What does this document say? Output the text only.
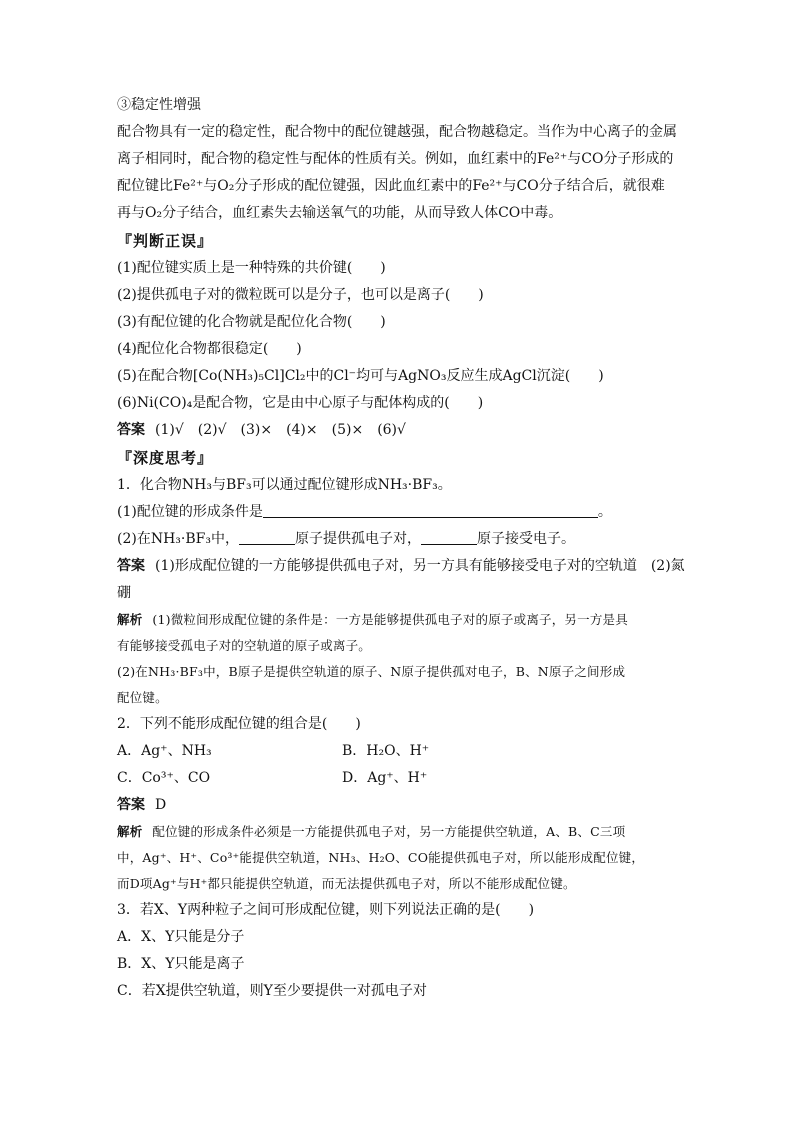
③稳定性增强
配合物具有一定的稳定性，配合物中的配位键越强，配合物越稳定。当作为中心离子的金属
离子相同时，配合物的稳定性与配体的性质有关。例如，血红素中的Fe²⁺与CO分子形成的
配位键比Fe²⁺与O₂分子形成的配位键强，因此血红素中的Fe²⁺与CO分子结合后，就很难
再与O₂分子结合，血红素失去输送氧气的功能，从而导致人体CO中毒。
『判断正误』
(1)配位键实质上是一种特殊的共价键(　　)
(2)提供孤电子对的微粒既可以是分子，也可以是离子(　　)
(3)有配位键的化合物就是配位化合物(　　)
(4)配位化合物都很稳定(　　)
(5)在配合物[Co(NH₃)₅Cl]Cl₂中的Cl⁻均可与AgNO₃反应生成AgCl沉淀(　　)
(6)Ni(CO)₄是配合物，它是由中心原子与配体构成的(　　)
答案 (1)√　(2)√　(3)×　(4)×　(5)×　(6)√
『深度思考』
1．化合物NH₃与BF₃可以通过配位键形成NH₃·BF₃。
(1)配位键的形成条件是	。
(2)在NH₃·BF₃中，	原子提供孤电子对，	原子接受电子。
答案 (1)形成配位键的一方能够提供孤电子对，另一方具有能够接受电子对的空轨道　(2)氮
硼
解析 (1)微粒间形成配位键的条件是：一方是能够提供孤电子对的原子或离子，另一方是具
有能够接受孤电子对的空轨道的原子或离子。
(2)在NH₃·BF₃中，B原子是提供空轨道的原子、N原子提供孤对电子，B、N原子之间形成
配位键。
2．下列不能形成配位键的组合是(　　)
A．Ag⁺、NH₃	B．H₂O、H⁺
C．Co³⁺、CO	D．Ag⁺、H⁺
答案 D
解析 配位键的形成条件必须是一方能提供孤电子对，另一方能提供空轨道，A、B、C三项
中，Ag⁺、H⁺、Co³⁺能提供空轨道，NH₃、H₂O、CO能提供孤电子对，所以能形成配位键，
而D项Ag⁺与H⁺都只能提供空轨道，而无法提供孤电子对，所以不能形成配位键。
3．若X、Y两种粒子之间可形成配位键，则下列说法正确的是(　　)
A．X、Y只能是分子
B．X、Y只能是离子
C．若X提供空轨道，则Y至少要提供一对孤电子对
